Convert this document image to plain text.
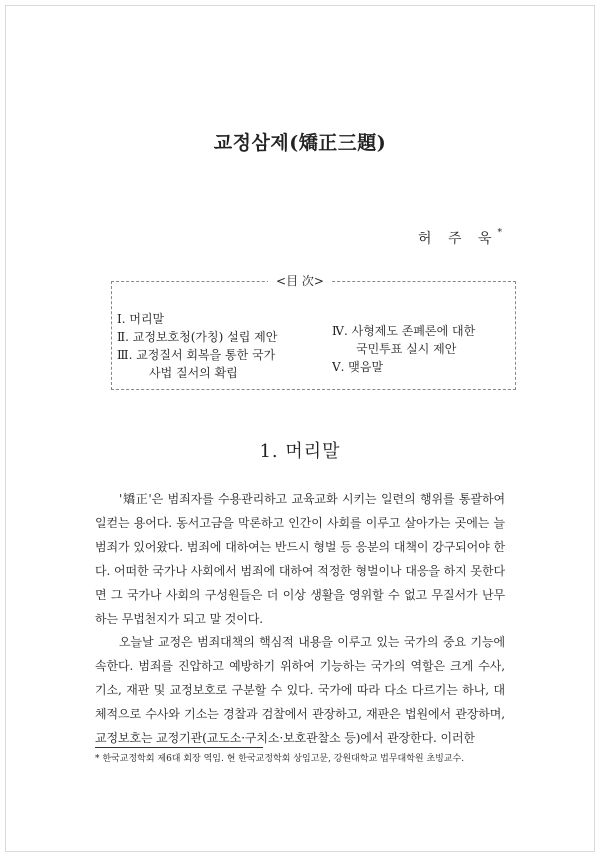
교정삼제(矯正三題)
허 주 욱*
<目 次>
Ⅰ. 머리말
Ⅱ. 교정보호청(가칭) 설립 제안
Ⅲ. 교정질서 회복을 통한 국가
사법 질서의 확립
Ⅳ. 사형제도 존폐론에 대한
국민투표 실시 제안
Ⅴ. 맺음말
1. 머리말

'矯正'은 범죄자를 수용관리하고 교육교화 시키는 일련의 행위를 통괄하여 일컫는 용어다. 동서고금을 막론하고 인간이 사회를 이루고 살아가는 곳에는 늘 범죄가 있어왔다. 범죄에 대하여는 반드시 형벌 등 응분의 대책이 강구되어야 한다. 어떠한 국가나 사회에서 범죄에 대하여 적정한 형벌이나 대응을 하지 못한다면 그 국가나 사회의 구성원들은 더 이상 생활을 영위할 수 없고 무질서가 난무하는 무법천지가 되고 말 것이다.

오늘날 교정은 범죄대책의 핵심적 내용을 이루고 있는 국가의 중요 기능에 속한다. 범죄를 진압하고 예방하기 위하여 기능하는 국가의 역할은 크게 수사, 기소, 재판 및 교정보호로 구분할 수 있다. 국가에 따라 다소 다르기는 하나, 대체적으로 수사와 기소는 경찰과 검찰에서 관장하고, 재판은 법원에서 관장하며, 교정보호는 교정기관(교도소·구치소·보호관찰소 등)에서 관장한다. 이러한

* 한국교정학회 제6대 회장 역임. 현 한국교정학회 상임고문, 강원대학교 법무대학원 초빙교수.
